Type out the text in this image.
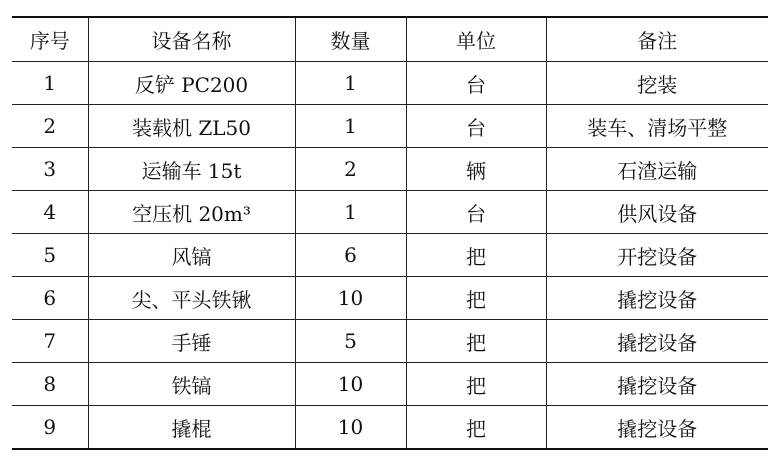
序号	设备名称	数量	单位	备注
1	反铲 PC200	1	台	挖装
2	装载机 ZL50	1	台	装车、清场平整
3	运输车 15t	2	辆	石渣运输
4	空压机 20m³	1	台	供风设备
5	风镐	6	把	开挖设备
6	尖、平头铁锹	10	把	撬挖设备
7	手锤	5	把	撬挖设备
8	铁镐	10	把	撬挖设备
9	撬棍	10	把	撬挖设备
